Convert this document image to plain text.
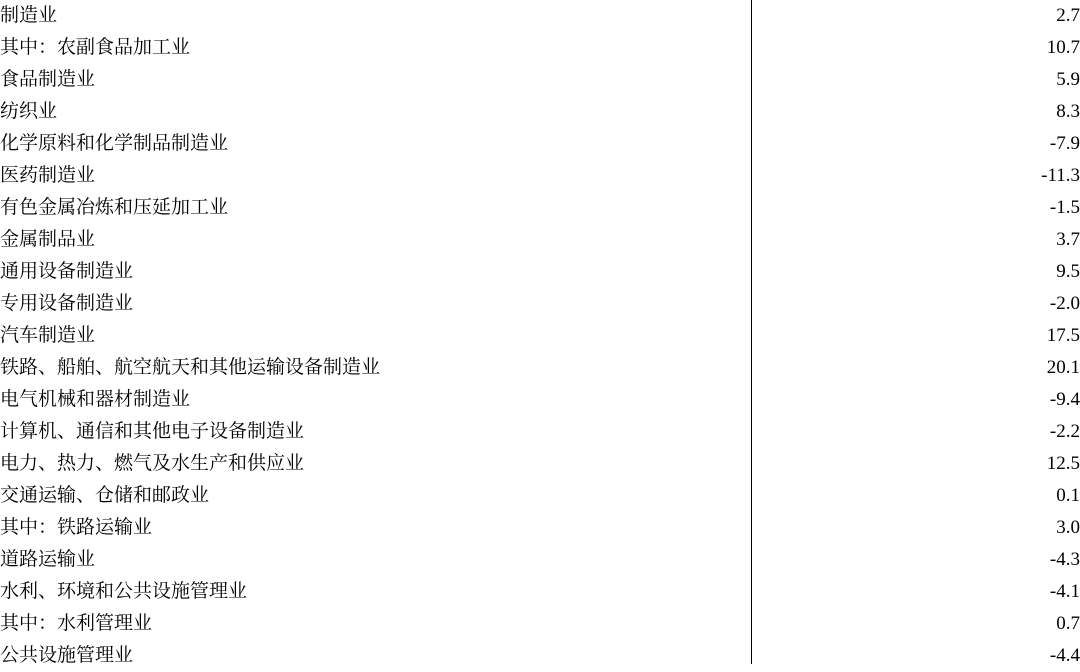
制造业	2.7
其中：农副食品加工业	10.7
食品制造业	5.9
纺织业	8.3
化学原料和化学制品制造业	-7.9
医药制造业	-11.3
有色金属冶炼和压延加工业	-1.5
金属制品业	3.7
通用设备制造业	9.5
专用设备制造业	-2.0
汽车制造业	17.5
铁路、船舶、航空航天和其他运输设备制造业	20.1
电气机械和器材制造业	-9.4
计算机、通信和其他电子设备制造业	-2.2
电力、热力、燃气及水生产和供应业	12.5
交通运输、仓储和邮政业	0.1
其中：铁路运输业	3.0
道路运输业	-4.3
水利、环境和公共设施管理业	-4.1
其中：水利管理业	0.7
公共设施管理业	-4.4
